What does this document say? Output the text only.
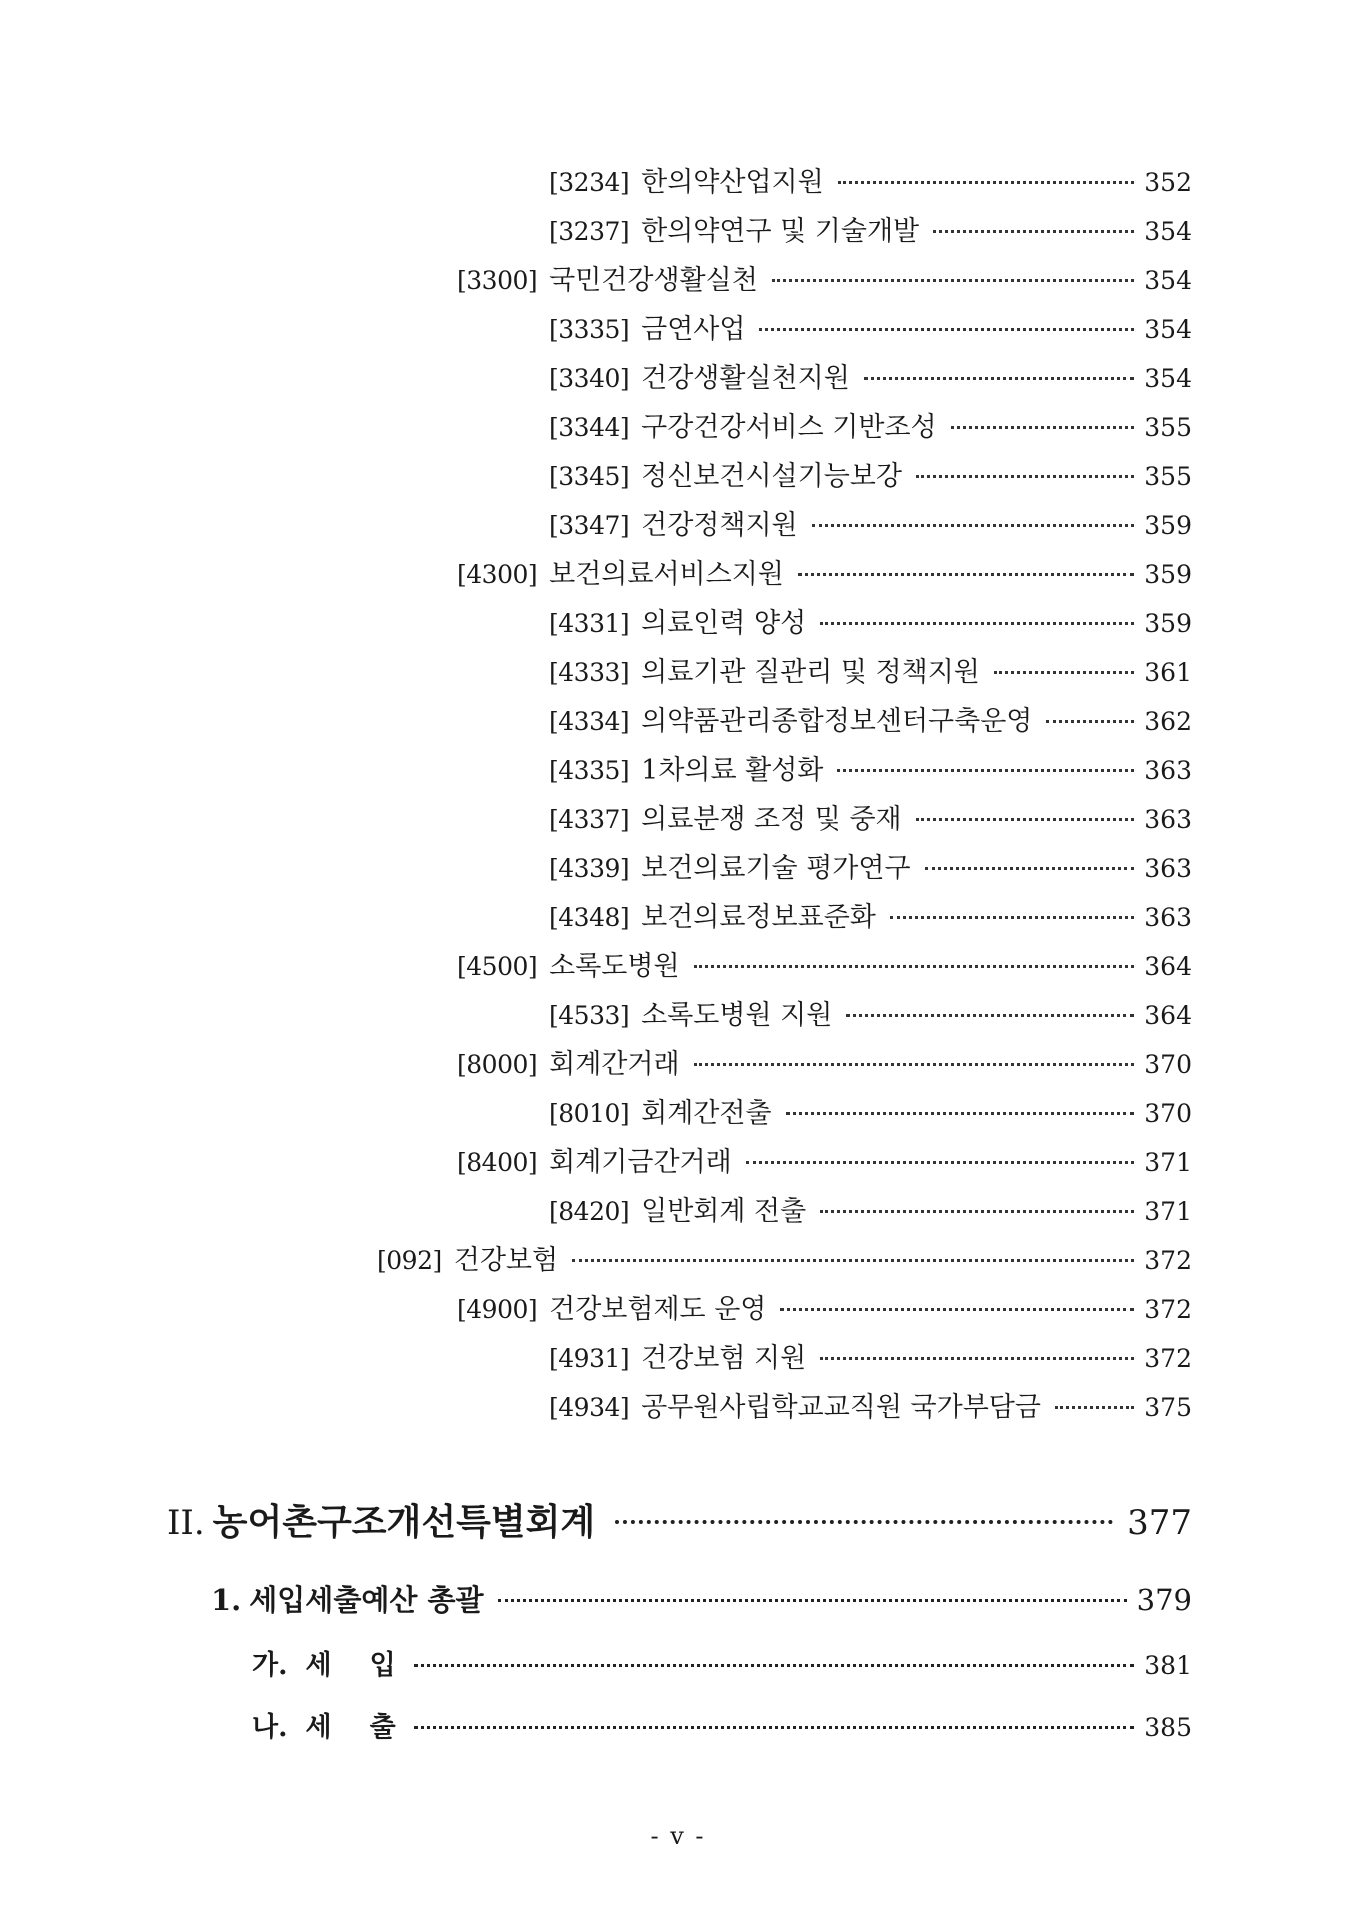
[3234] 한의약산업지원	352
[3237] 한의약연구 및 기술개발	354
[3300] 국민건강생활실천	354
[3335] 금연사업	354
[3340] 건강생활실천지원	354
[3344] 구강건강서비스 기반조성	355
[3345] 정신보건시설기능보강	355
[3347] 건강정책지원	359
[4300] 보건의료서비스지원	359
[4331] 의료인력 양성	359
[4333] 의료기관 질관리 및 정책지원	361
[4334] 의약품관리종합정보센터구축운영	362
[4335] 1차의료 활성화	363
[4337] 의료분쟁 조정 및 중재	363
[4339] 보건의료기술 평가연구	363
[4348] 보건의료정보표준화	363
[4500] 소록도병원	364
[4533] 소록도병원 지원	364
[8000] 회계간거래	370
[8010] 회계간전출	370
[8400] 회계기금간거래	371
[8420] 일반회계 전출	371
[092] 건강보험	372
[4900] 건강보험제도 운영	372
[4931] 건강보험 지원	372
[4934] 공무원사립학교교직원 국가부담금	375
II. 농어촌구조개선특별회계	377
1. 세입세출예산 총괄	379
가. 세입	381
나. 세출	385
- v -
